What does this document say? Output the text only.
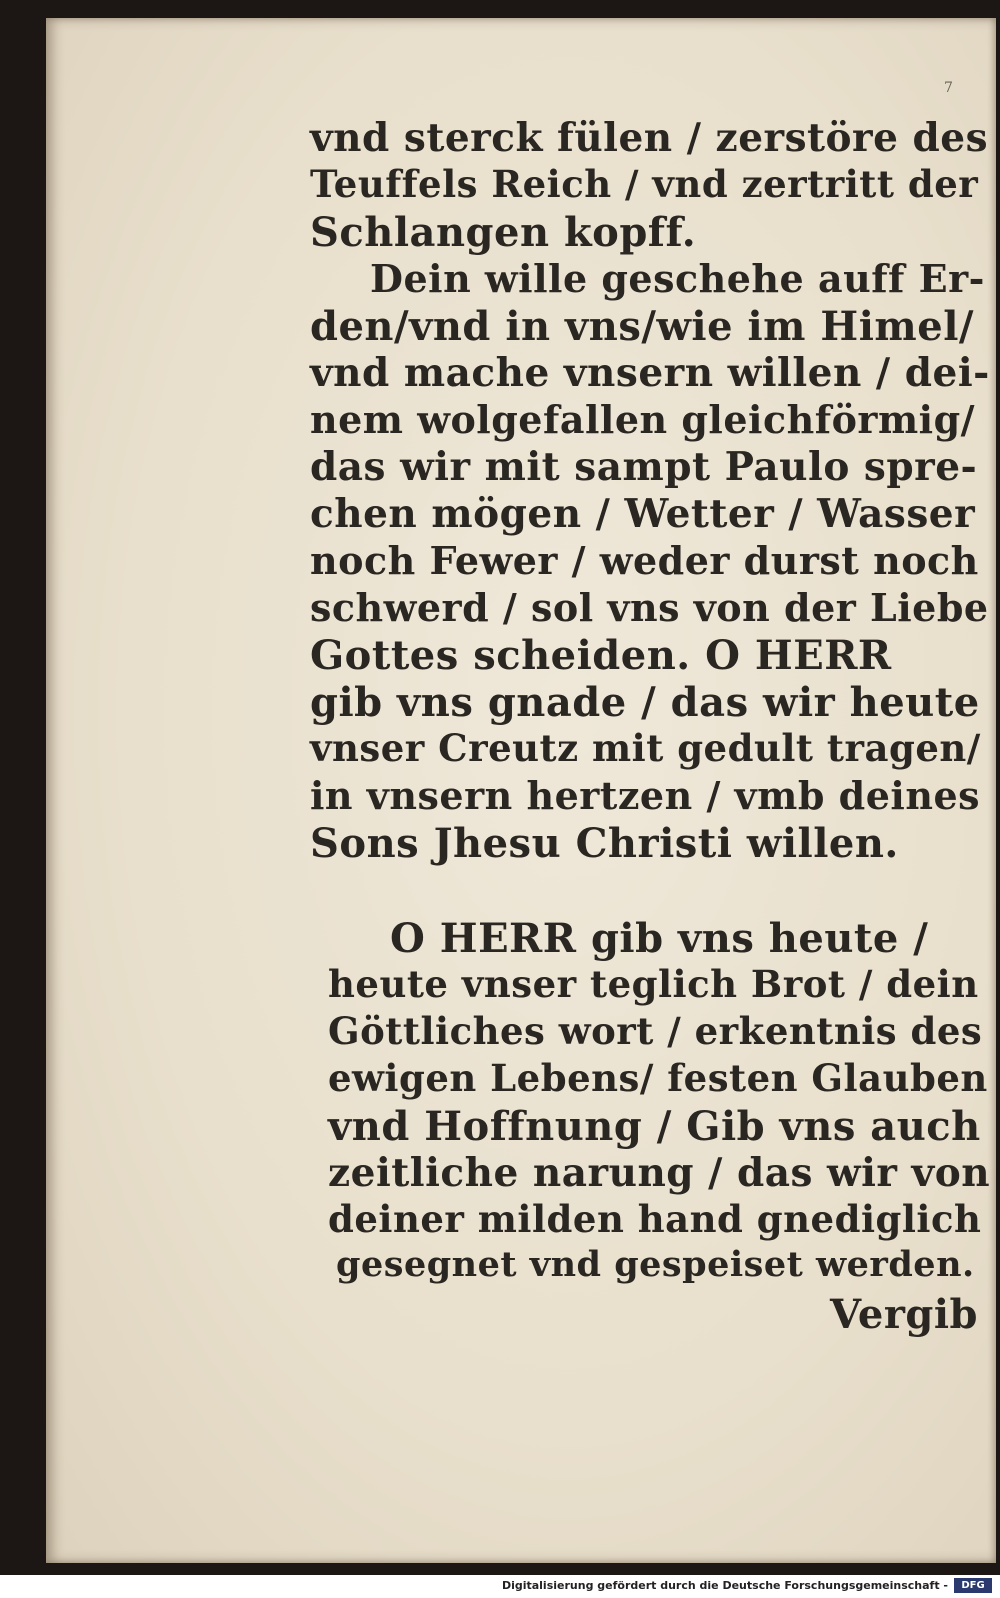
7
vnd sterck fülen / zerstöre des
Teuffels Reich / vnd zertritt der
Schlangen kopff.
Dein wille geschehe auff Er-
den/vnd in vns/wie im Himel/
vnd mache vnsern willen / dei-
nem wolgefallen gleichförmig/
das wir mit sampt Paulo spre-
chen mögen / Wetter / Wasser
noch Fewer / weder durst noch
schwerd / sol vns von der Liebe
Gottes scheiden. O HERR
gib vns gnade / das wir heute
vnser Creutz mit gedult tragen/
in vnsern hertzen / vmb deines
Sons Jhesu Christi willen.
O HERR gib vns heute /
heute vnser teglich Brot / dein
Göttliches wort / erkentnis des
ewigen Lebens/ festen Glauben
vnd Hoffnung / Gib vns auch
zeitliche narung / das wir von
deiner milden hand gnediglich
gesegnet vnd gespeiset werden.
Vergib
Digitalisierung gefördert durch die Deutsche Forschungsgemeinschaft -	DFG
